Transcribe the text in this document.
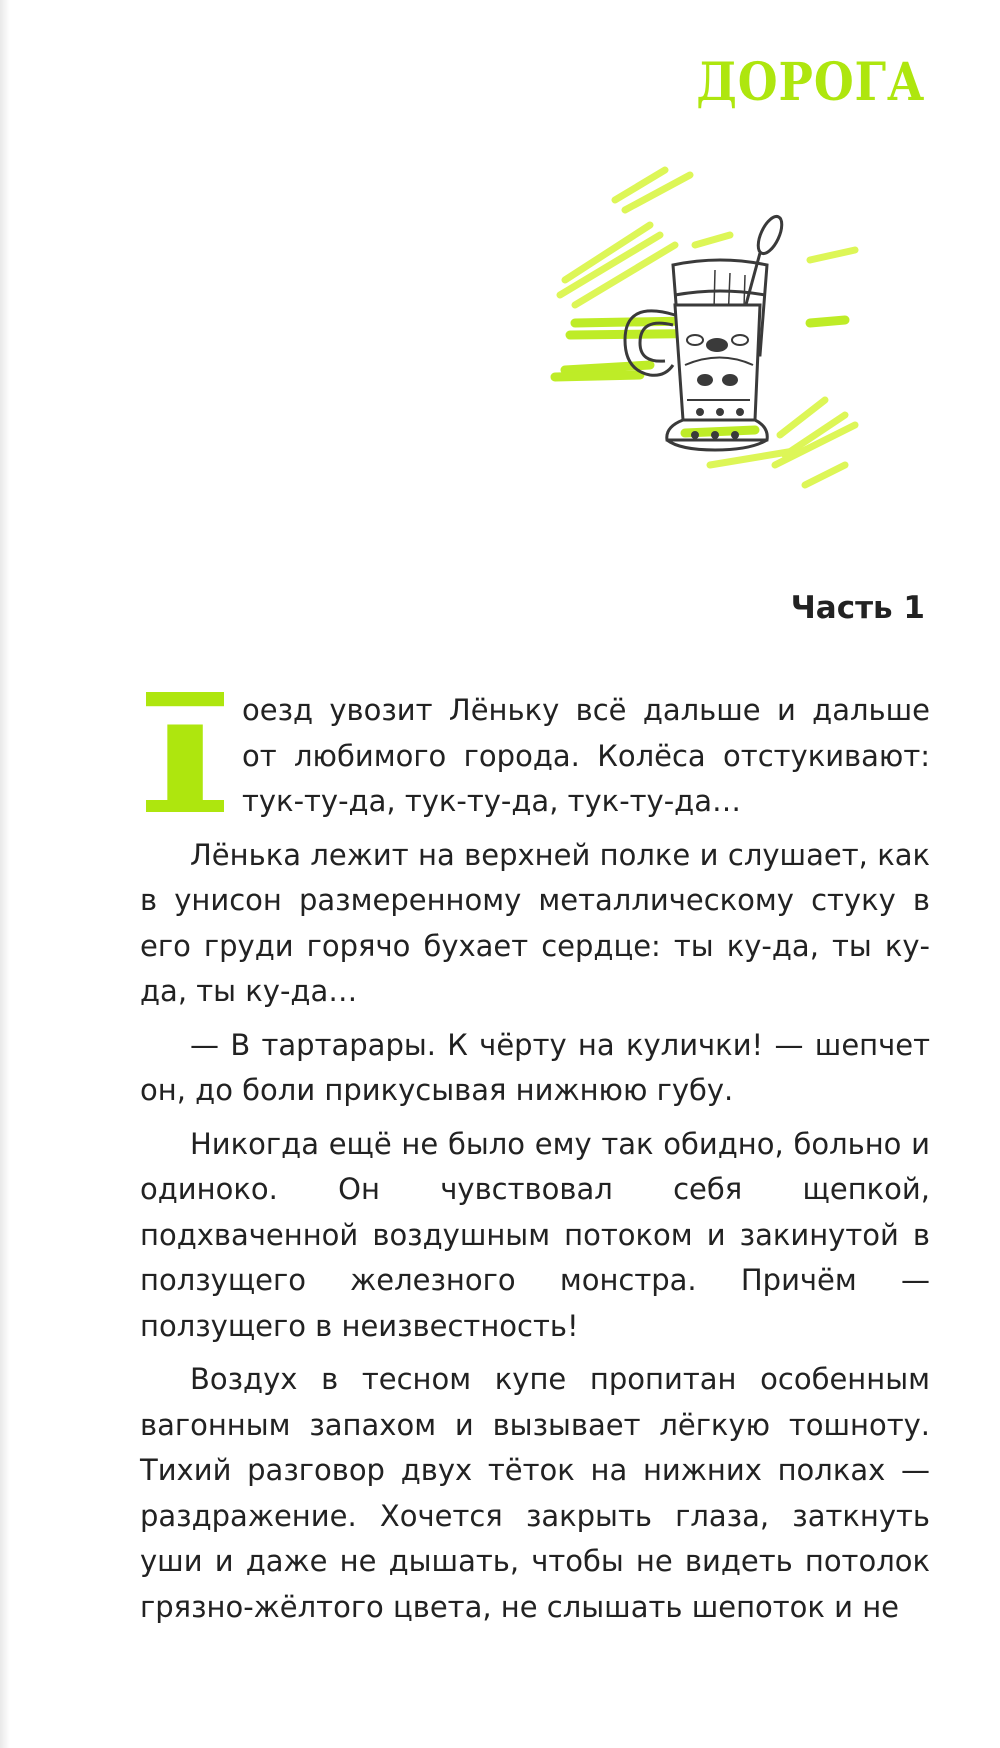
ДОРОГА
Часть 1

П оезд увозит Лёньку всё дальше и дальше от любимого города. Колёса отстукивают: тук-ту-да, тук-ту-да, тук-ту-да…

Лёнька лежит на верхней полке и слушает, как в унисон размеренному металлическому стуку в его груди горячо бухает сердце: ты ку-да, ты ку-да, ты ку-да…

— В тартарары. К чёрту на кулички! — шепчет он, до боли прикусывая нижнюю губу.

Никогда ещё не было ему так обидно, больно и одиноко. Он чувствовал себя щепкой, подхваченной воздушным потоком и закинутой в ползущего железного монстра. Причём — ползущего в неизвестность!

Воздух в тесном купе пропитан особенным вагонным запахом и вызывает лёгкую тошноту. Тихий разговор двух тёток на нижних полках — раздражение. Хочется закрыть глаза, заткнуть уши и даже не дышать, чтобы не видеть потолок грязно-жёлтого цвета, не слышать шепоток и не
